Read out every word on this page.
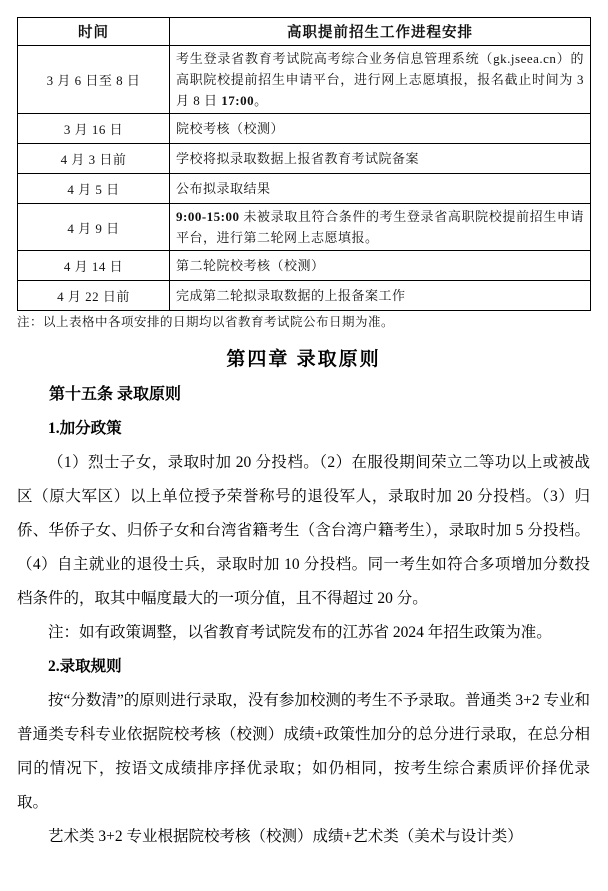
时间	高职提前招生工作进程安排
3 月 6 日至 8 日	考生登录省教育考试院高考综合业务信息管理系统（gk.jseea.cn）的高职院校提前招生申请平台，进行网上志愿填报，报名截止时间为 3 月 8 日 17:00。
3 月 16 日	院校考核（校测）
4 月 3 日前	学校将拟录取数据上报省教育考试院备案
4 月 5 日	公布拟录取结果
4 月 9 日	9:00-15:00 未被录取且符合条件的考生登录省高职院校提前招生申请平台，进行第二轮网上志愿填报。
4 月 14 日	第二轮院校考核（校测）
4 月 22 日前	完成第二轮拟录取数据的上报备案工作
注：以上表格中各项安排的日期均以省教育考试院公布日期为准。
第四章 录取原则

第十五条 录取原则

1.加分政策

（1）烈士子女，录取时加 20 分投档。（2）在服役期间荣立二等功以上或被战区（原大军区）以上单位授予荣誉称号的退役军人，录取时加 20 分投档。（3）归侨、华侨子女、归侨子女和台湾省籍考生（含台湾户籍考生），录取时加 5 分投档。（4）自主就业的退役士兵，录取时加 10 分投档。同一考生如符合多项增加分数投档条件的，取其中幅度最大的一项分值，且不得超过 20 分。

注：如有政策调整，以省教育考试院发布的江苏省 2024 年招生政策为准。

2.录取规则

按“分数清”的原则进行录取，没有参加校测的考生不予录取。普通类 3+2 专业和普通类专科专业依据院校考核（校测）成绩+政策性加分的总分进行录取，在总分相同的情况下，按语文成绩排序择优录取；如仍相同，按考生综合素质评价择优录取。

艺术类 3+2 专业根据院校考核（校测）成绩+艺术类（美术与设计类）
